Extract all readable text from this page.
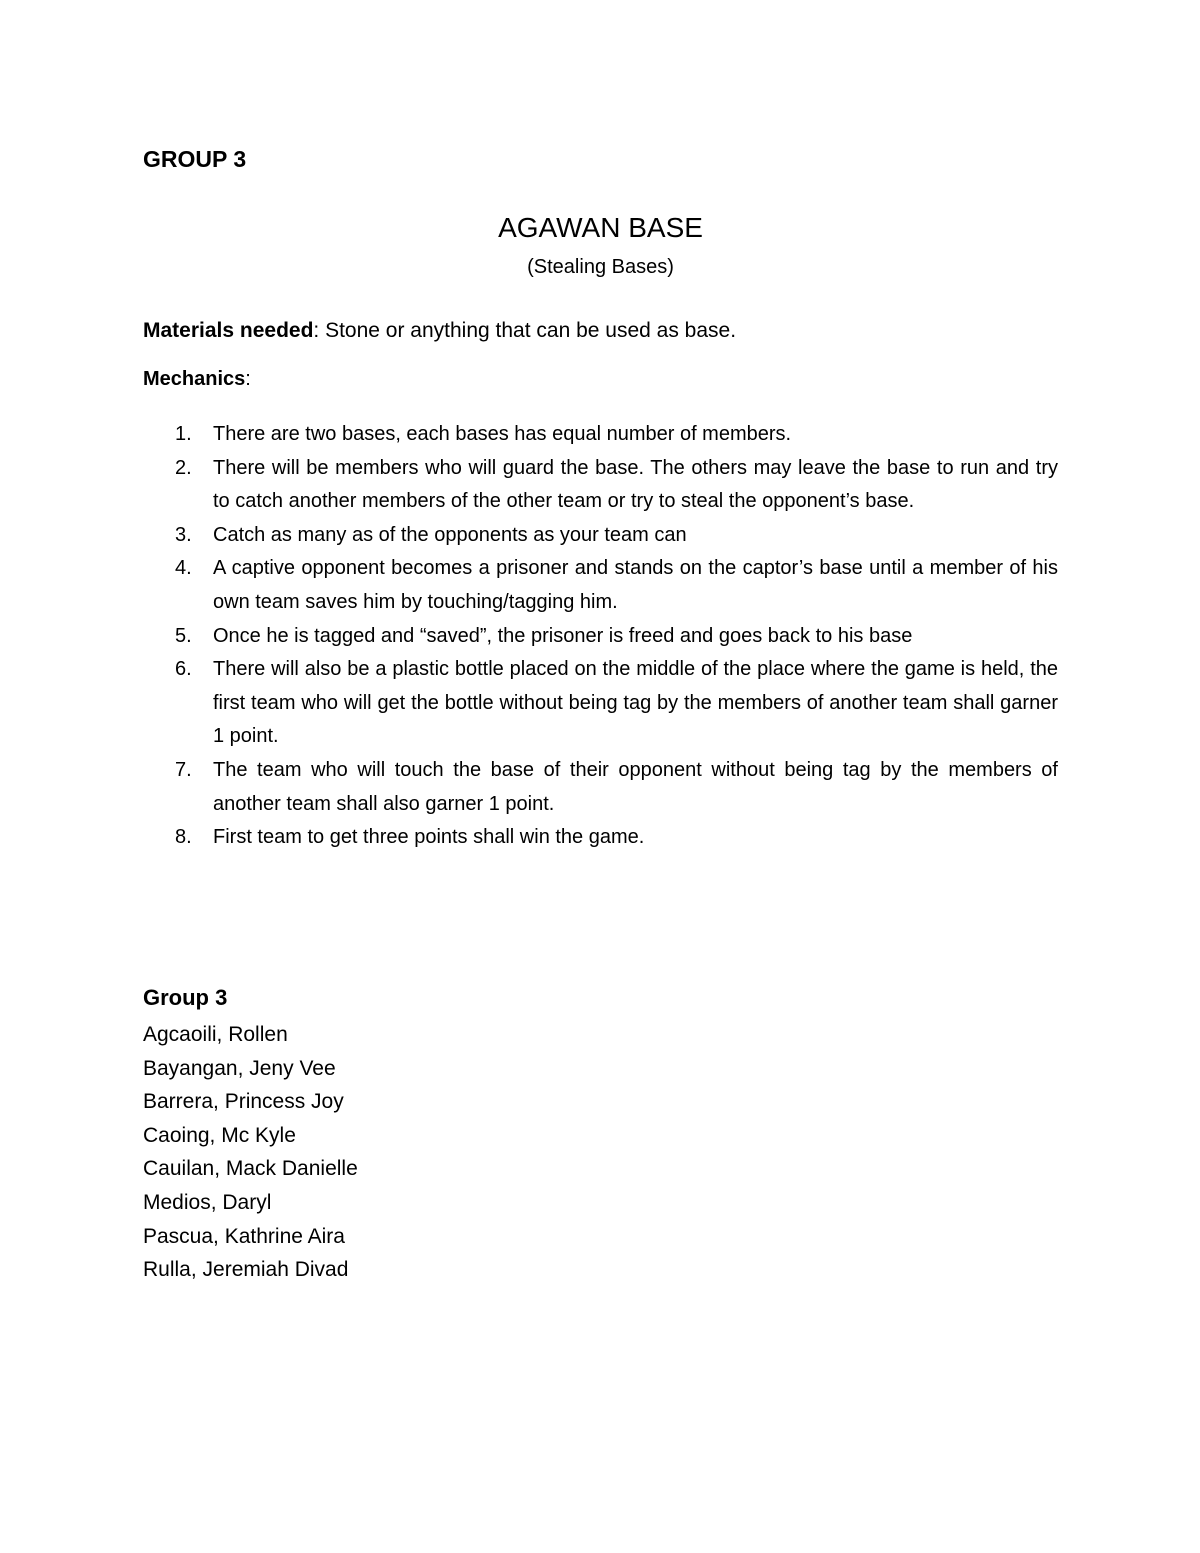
GROUP 3
AGAWAN BASE

(Stealing Bases)

Materials needed: Stone or anything that can be used as base.

Mechanics:

1. There are two bases, each bases has equal number of members.
2. There will be members who will guard the base. The others may leave the base to run and try to catch another members of the other team or try to steal the opponent’s base.
3. Catch as many as of the opponents as your team can
4. A captive opponent becomes a prisoner and stands on the captor’s base until a member of his own team saves him by touching/tagging him.
5. Once he is tagged and “saved”, the prisoner is freed and goes back to his base
6. There will also be a plastic bottle placed on the middle of the place where the game is held, the first team who will get the bottle without being tag by the members of another team shall garner 1 point.
7. The team who will touch the base of their opponent without being tag by the members of another team shall also garner 1 point.
8. First team to get three points shall win the game.
Group 3
Agcaoili, Rollen
Bayangan, Jeny Vee
Barrera, Princess Joy
Caoing, Mc Kyle
Cauilan, Mack Danielle
Medios, Daryl
Pascua, Kathrine Aira
Rulla, Jeremiah Divad
